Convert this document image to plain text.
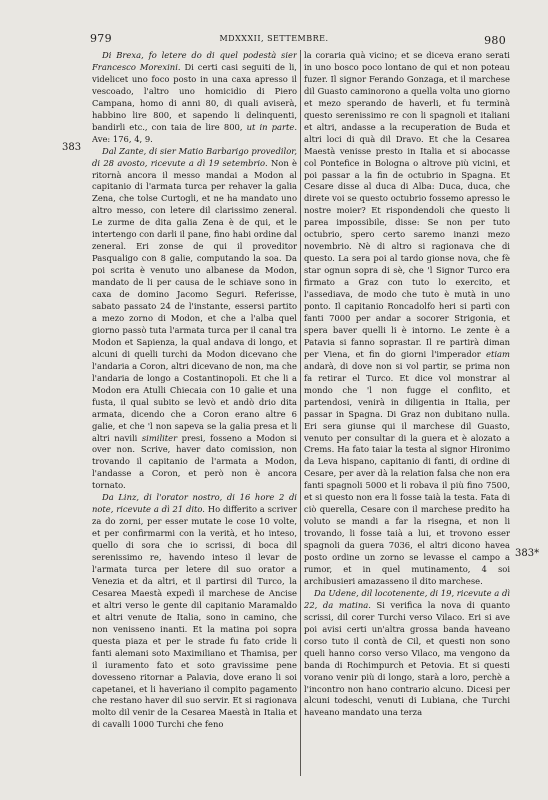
979	MDXXXII, SETTEMBRE.	980
383
383*

Di Brexa, fo letere do di quel podestà sier Francesco Morexini. Di certi casi seguiti de li, videlicet uno foco posto in una caxa apresso il vescoado, l'altro uno homicidio di Piero Campana, homo di anni 80, di quali aviserà, habbino lire 800, et sapendo li delinquenti, bandirli etc., con taia de lire 800, ut in parte. Ave: 176, 4, 9.

Dal Zante, di sier Matio Barbarigo provedilor, di 28 avosto, ricevute a dì 19 setembrio. Non è ritornà ancora il messo mandai a Modon al capitanio di l'armata turca per rehaver la galia Zena, che tolse Curtogli, et ne ha mandato uno altro messo, con letere dil clarissimo zeneral. Le zurme de dita galia Zena è de qui, et le intertengo con darli il pane, fino habi ordine dal zeneral. Eri zonse de qui il proveditor Pasqualigo con 8 galie, computando la soa. Da poi scrita è venuto uno albanese da Modon, mandato de li per causa de le schiave sono in caxa de domino Jacomo Seguri. Referisse, sabato passato 24 de l'instante, essersi partito a mezo zorno di Modon, et che a l'alba quel giorno passò tuta l'armata turca per il canal tra Modon et Sapienza, la qual andava di longo, et alcuni di quelli turchi da Modon dicevano che l'andaria a Coron, altri dicevano de non, ma che l'andaria de longo a Costantinopoli. Et che li a Modon era Atulli Chiecaia con 10 galie et una fusta, il qual subito se levò et andò drio dita armata, dicendo che a Coron erano altre 6 galie, et che 'l non sapeva se la galia presa et li altri navili similiter presi, fosseno a Modon si over non. Scrive, haver dato comission, non trovando il capitanio de l'armata a Modon, l'andasse a Coron, et però non è ancora tornato.

Da Linz, di l'orator nostro, di 16 hore 2 di note, ricevute a dì 21 dito. Ho differito a scriver za do zorni, per esser mutate le cose 10 volte, et per confirmarmi con la verità, et ho inteso, quello di sora che io scrissi, di boca dil serenissimo re, havendo inteso il levar de l'armata turca per letere dil suo orator a Venezia et da altri, et il partirsi dil Turco, la Cesarea Maestà expedì il marchese de Ancise et altri verso le gente dil capitanio Maramaldo et altri venute de Italia, sono in camino, che non venisseno inanti. Et la matina poi sopra questa piaza et per le strade fu fato cride li fanti alemani soto Maximiliano et Thamisa, per il iuramento fato et soto gravissime pene dovesseno ritornar a Palavia, dove erano li soi capetanei, et li haveriano il compito pagamento che restano haver dil suo servir. Et si ragionava molto dil venir de la Cesarea Maestà in Italia et di cavalli 1000 Turchi che feno

la coraria quà vicino; et se diceva erano serati in uno bosco poco lontano de qui et non poteau fuzer. Il signor Ferando Gonzaga, et il marchese dil Guasto caminorono a quella volta uno giorno et mezo sperando de haverli, et fu terminà questo serenissimo re con li spagnoli et italiani et altri, andasse a la recuperation de Buda et altri loci di quà dil Dravo. Et che la Cesarea Maestà venisse presto in Italia et si abocasse col Pontefice in Bologna o altrove più vicini, et poi passar a la fin de octubrio in Spagna. Et Cesare disse al duca di Alba: Duca, duca, che direte voi se questo octubrio fossemo apresso le nostre moier? Et rispondendoli che questo li parea impossibile, disse: Se non per tuto octubrio, spero certo saremo inanzi mezo novembrio. Nè di altro si ragionava che di questo. La sera poi al tardo gionse nova, che fè star ognun sopra di sè, che 'l Signor Turco era firmato a Graz con tuto lo exercito, et l'assediava, de modo che tuto è mutà in uno ponto. Il capitanio Roncadolfo heri si partì con fanti 7000 per andar a socorer Strigonia, et spera baver quelli li è intorno. Le zente è a Patavia si fanno soprastar. Il re partirà diman per Viena, et fin do giorni l'imperador etiam andarà, di dove non si vol partir, se prima non fa retirar el Turco. Et dice vol monstrar al mondo che 'l non fugge el conflito, et partendosi, venirà in diligentia in Italia, per passar in Spagna. Di Graz non dubitano nulla. Eri sera giunse qui il marchese dil Guasto, venuto per consultar di la guera et è alozato a Crems. Ha fato taiar la testa al signor Hironimo da Leva hispano, capitanio di fanti, di ordine di Cesare, per aver dà la relation falsa che non era fanti spagnoli 5000 et li robava il più fino 7500, et si questo non era li fosse taià la testa. Fata di ciò querella, Cesare con il marchese predito ha voluto se mandi a far la risegna, et non li trovando, li fosse taià a lui, et trovono esser spagnoli da guera 7036, el altri dicono havea posto ordine un zorno se levasse el campo a rumor, et in quel mutinamento, 4 soi archibusieri amazasseno il dito marchese.

Da Udene, dil locotenente, di 19, ricevute a dì 22, da matina. Si verifica la nova di quanto scrissi, dil corer Turchi verso Vilaco. Eri si ave poi avisi certi un'altra grossa banda haveano corso tuto il contà de Cil, et questi non sono queli hanno corso verso Vilaco, ma vengono da banda di Rochimpurch et Petovia. Et si questi vorano venir più di longo, starà a loro, perchè a l'incontro non hano contrario alcuno. Dicesi per alcuni todeschi, venuti di Lubiana, che Turchi haveano mandato una terza
